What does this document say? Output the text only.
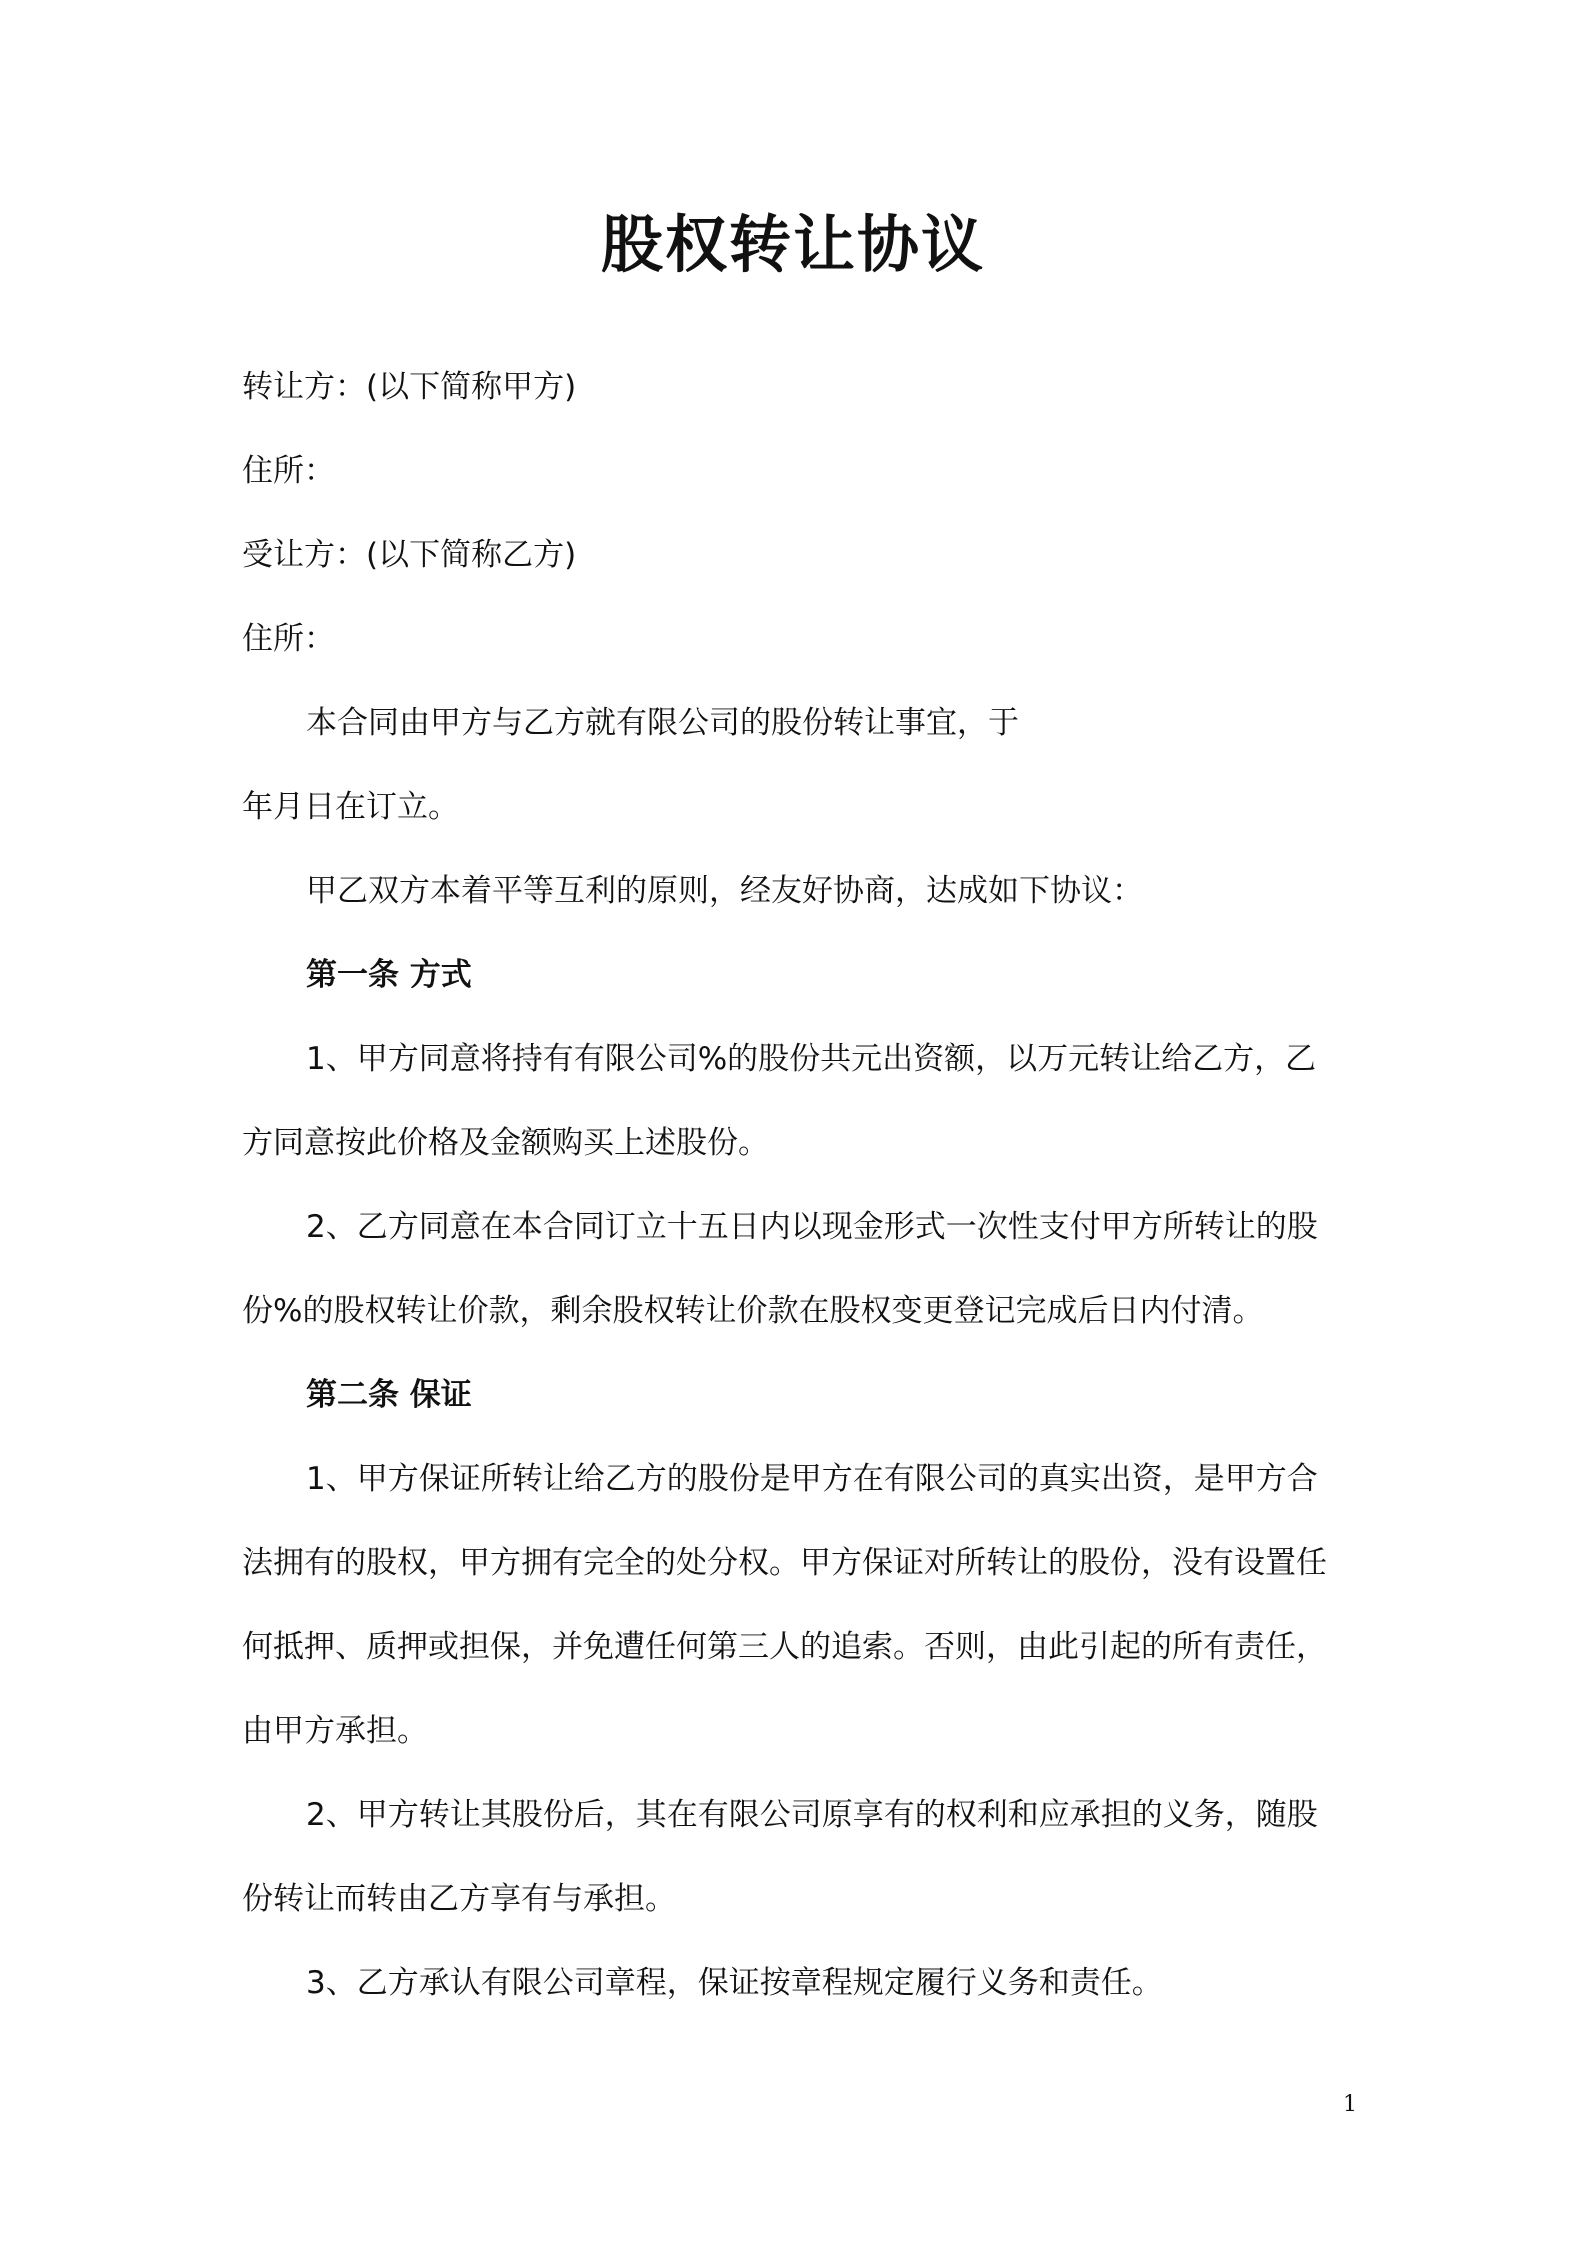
股权转让协议
转让方：(以下简称甲方)
住所：
受让方：(以下简称乙方)
住所：
本合同由甲方与乙方就有限公司的股份转让事宜，于
年月日在订立。
甲乙双方本着平等互利的原则，经友好协商，达成如下协议：
第一条 方式
1、甲方同意将持有有限公司%的股份共元出资额，以万元转让给乙方，乙
方同意按此价格及金额购买上述股份。
2、乙方同意在本合同订立十五日内以现金形式一次性支付甲方所转让的股
份%的股权转让价款，剩余股权转让价款在股权变更登记完成后日内付清。
第二条 保证
1、甲方保证所转让给乙方的股份是甲方在有限公司的真实出资，是甲方合
法拥有的股权，甲方拥有完全的处分权。甲方保证对所转让的股份，没有设置任
何抵押、质押或担保，并免遭任何第三人的追索。否则，由此引起的所有责任，
由甲方承担。
2、甲方转让其股份后，其在有限公司原享有的权利和应承担的义务，随股
份转让而转由乙方享有与承担。
3、乙方承认有限公司章程，保证按章程规定履行义务和责任。
1
